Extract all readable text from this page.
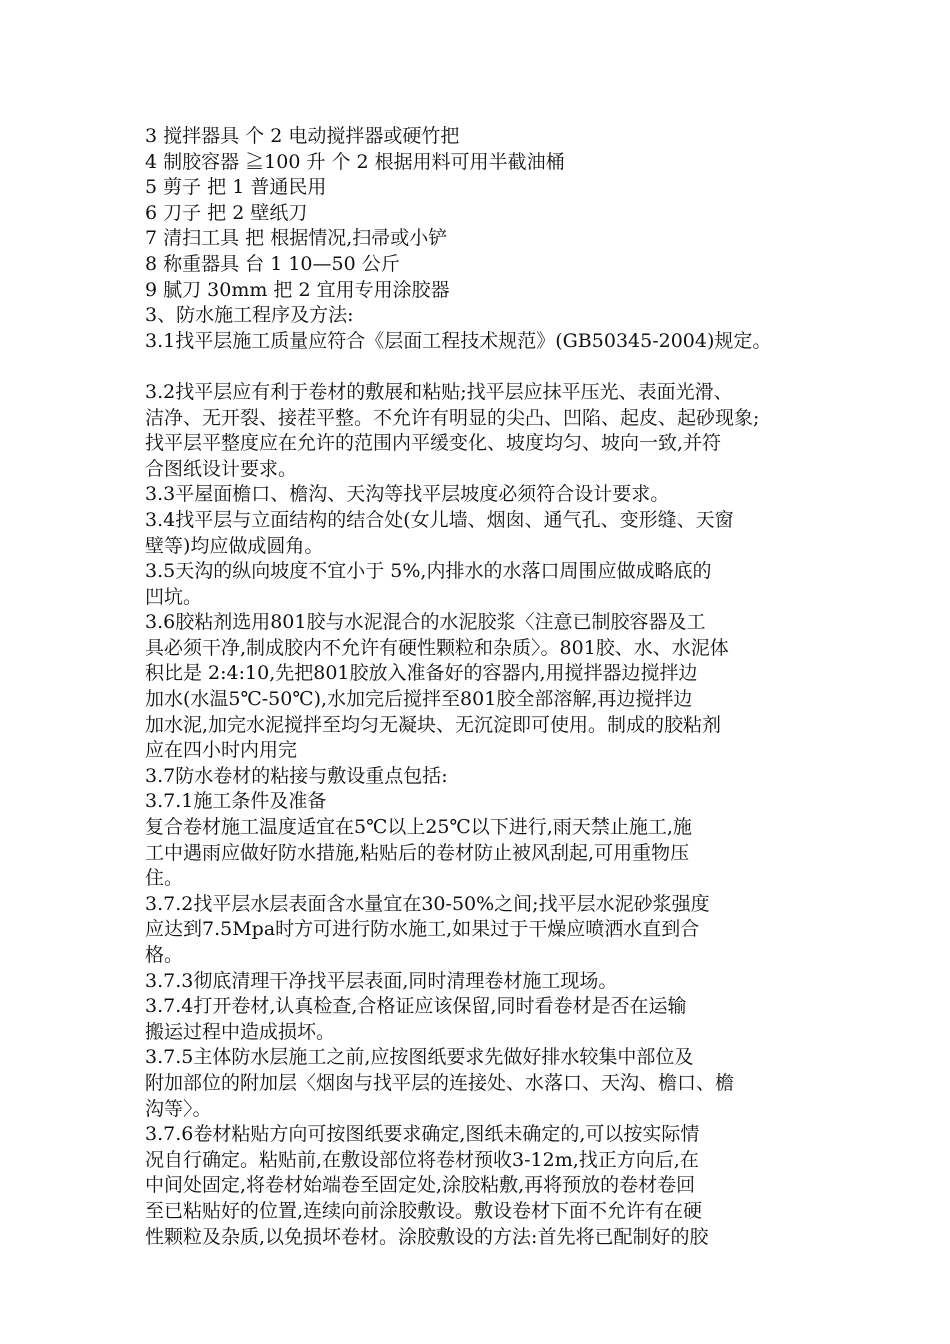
3 搅拌器具 个 2 电动搅拌器或硬竹把
4 制胶容器 ≧100 升 个 2 根据用料可用半截油桶
5 剪子 把 1 普通民用
6 刀子 把 2 壁纸刀
7 清扫工具 把 根据情况,扫帚或小铲
8 称重器具 台 1 10—50 公斤
9 腻刀 30mm 把 2 宜用专用涂胶器
3、防水施工程序及方法:
3.1找平层施工质量应符合《层面工程技术规范》(GB50345-2004)规定。
3.2找平层应有利于卷材的敷展和粘贴;找平层应抹平压光、表面光滑、
洁净、无开裂、接茬平整。不允许有明显的尖凸、凹陷、起皮、起砂现象;
找平层平整度应在允许的范围内平缓变化、坡度均匀、坡向一致,并符
合图纸设计要求。
3.3平屋面檐口、檐沟、天沟等找平层坡度必须符合设计要求。
3.4找平层与立面结构的结合处(女儿墙、烟囱、通气孔、变形缝、天窗
壁等)均应做成圆角。
3.5天沟的纵向坡度不宜小于 5%,内排水的水落口周围应做成略底的
凹坑。
3.6胶粘剂选用801胶与水泥混合的水泥胶浆〈注意已制胶容器及工
具必须干净,制成胶内不允许有硬性颗粒和杂质〉。801胶、水、水泥体
积比是 2:4:10,先把801胶放入准备好的容器内,用搅拌器边搅拌边
加水(水温5℃-50℃),水加完后搅拌至801胶全部溶解,再边搅拌边
加水泥,加完水泥搅拌至均匀无凝块、无沉淀即可使用。制成的胶粘剂
应在四小时内用完
3.7防水卷材的粘接与敷设重点包括:
3.7.1施工条件及准备
复合卷材施工温度适宜在5℃以上25℃以下进行,雨天禁止施工,施
工中遇雨应做好防水措施,粘贴后的卷材防止被风刮起,可用重物压
住。
3.7.2找平层水层表面含水量宜在30-50%之间;找平层水泥砂浆强度
应达到7.5Mpa时方可进行防水施工,如果过于干燥应喷洒水直到合
格。
3.7.3彻底清理干净找平层表面,同时清理卷材施工现场。
3.7.4打开卷材,认真检查,合格证应该保留,同时看卷材是否在运输
搬运过程中造成损坏。
3.7.5主体防水层施工之前,应按图纸要求先做好排水较集中部位及
附加部位的附加层〈烟囱与找平层的连接处、水落口、天沟、檐口、檐
沟等〉。
3.7.6卷材粘贴方向可按图纸要求确定,图纸未确定的,可以按实际情
况自行确定。粘贴前,在敷设部位将卷材预收3-12m,找正方向后,在
中间处固定,将卷材始端卷至固定处,涂胶粘敷,再将预放的卷材卷回
至已粘贴好的位置,连续向前涂胶敷设。敷设卷材下面不允许有在硬
性颗粒及杂质,以免损坏卷材。涂胶敷设的方法:首先将已配制好的胶
